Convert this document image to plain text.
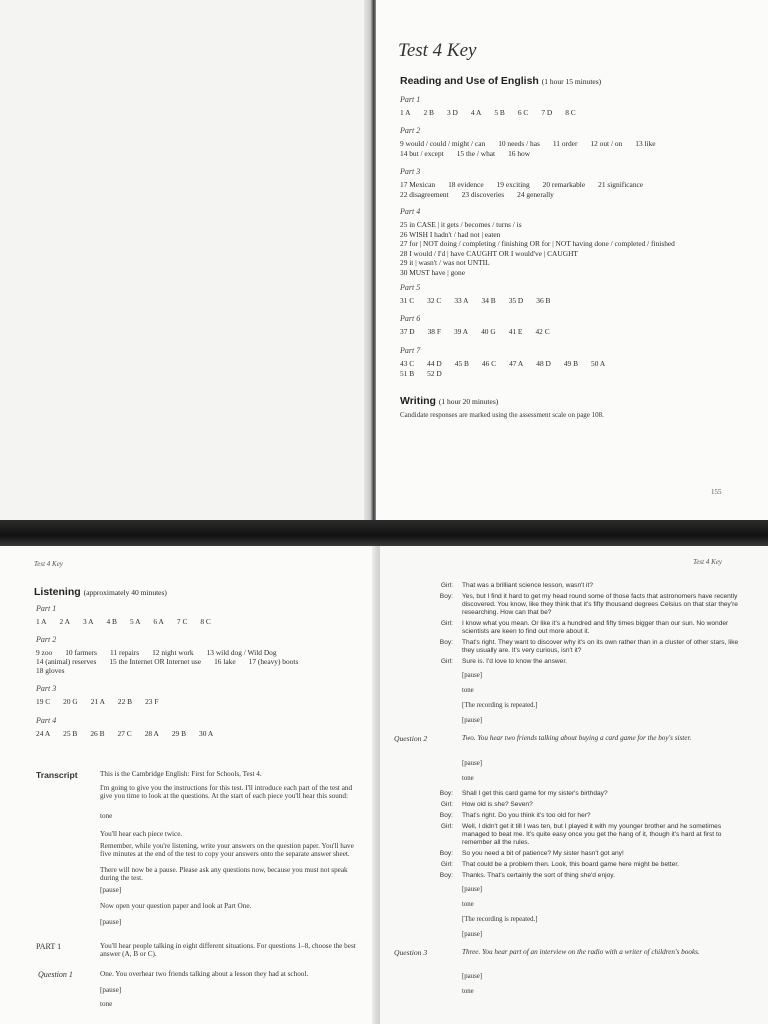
Test 4 Key
Reading and Use of English (1 hour 15 minutes)
Part 1
1 A 2 B 3 D 4 A 5 B 6 C 7 D 8 C
Part 2
9 would / could / might / can 10 needs / has 11 order 12 out / on 13 like
14 but / except 15 the / what 16 how
Part 3
17 Mexican 18 evidence 19 exciting 20 remarkable 21 significance
22 disagreement 23 discoveries 24 generally
Part 4
25 in CASE | it gets / becomes / turns / is
26 WISH I hadn't / had not | eaten
27 for | NOT doing / completing / finishing OR for | NOT having done / completed / finished
28 I would / I'd | have CAUGHT OR I would've | CAUGHT
29 it | wasn't / was not UNTIL
30 MUST have | gone
Part 5
31 C 32 C 33 A 34 B 35 D 36 B
Part 6
37 D 38 F 39 A 40 G 41 E 42 C
Part 7
43 C 44 D 45 B 46 C 47 A 48 D 49 B 50 A
51 B 52 D
Writing (1 hour 20 minutes)
Candidate responses are marked using the assessment scale on page 108.
155
Test 4 Key
Listening (approximately 40 minutes)
Part 1
1 A 2 A 3 A 4 B 5 A 6 A 7 C 8 C
Part 2
9 zoo 10 farmers 11 repairs 12 night work 13 wild dog / Wild Dog
14 (animal) reserves 15 the Internet OR Internet use 16 lake 17 (heavy) boots
18 gloves
Part 3
19 C 20 G 21 A 22 B 23 F
Part 4
24 A 25 B 26 B 27 C 28 A 29 B 30 A
Transcript	This is the Cambridge English: First for Schools, Test 4.
I'm going to give you the instructions for this test. I'll introduce each part of the test and give you time to look at the questions. At the start of each piece you'll hear this sound:
tone
You'll hear each piece twice.
Remember, while you're listening, write your answers on the question paper. You'll have five minutes at the end of the test to copy your answers onto the separate answer sheet.
There will now be a pause. Please ask any questions now, because you must not speak during the test.
[pause]
Now open your question paper and look at Part One.
[pause]
PART 1	You'll hear people talking in eight different situations. For questions 1–8, choose the best answer (A, B or C).
Question 1	One. You overhear two friends talking about a lesson they had at school.
[pause]
tone
Test 4 Key
Girl: That was a brilliant science lesson, wasn't it?
Boy: Yes, but I find it hard to get my head round some of those facts that astronomers have recently discovered. You know, like they think that it's fifty thousand degrees Celsius on that star they're researching. How can that be?
Girl: I know what you mean. Or like it's a hundred and fifty times bigger than our sun. No wonder scientists are keen to find out more about it.
Boy: That's right. They want to discover why it's on its own rather than in a cluster of other stars, like they usually are. It's very curious, isn't it?
Girl: Sure is. I'd love to know the answer.
[pause]
tone
[The recording is repeated.]
[pause]
Question 2	Two. You hear two friends talking about buying a card game for the boy's sister.
[pause]
tone
Boy: Shall I get this card game for my sister's birthday?
Girl: How old is she? Seven?
Boy: That's right. Do you think it's too old for her?
Girl: Well, I didn't get it till I was ten, but I played it with my younger brother and he sometimes managed to beat me. It's quite easy once you get the hang of it, though it's hard at first to remember all the rules.
Boy: So you need a bit of patience? My sister hasn't got any!
Girl: That could be a problem then. Look, this board game here might be better.
Boy: Thanks. That's certainly the sort of thing she'd enjoy.
[pause]
tone
[The recording is repeated.]
[pause]
Question 3	Three. You hear part of an interview on the radio with a writer of children's books.
[pause]
tone
